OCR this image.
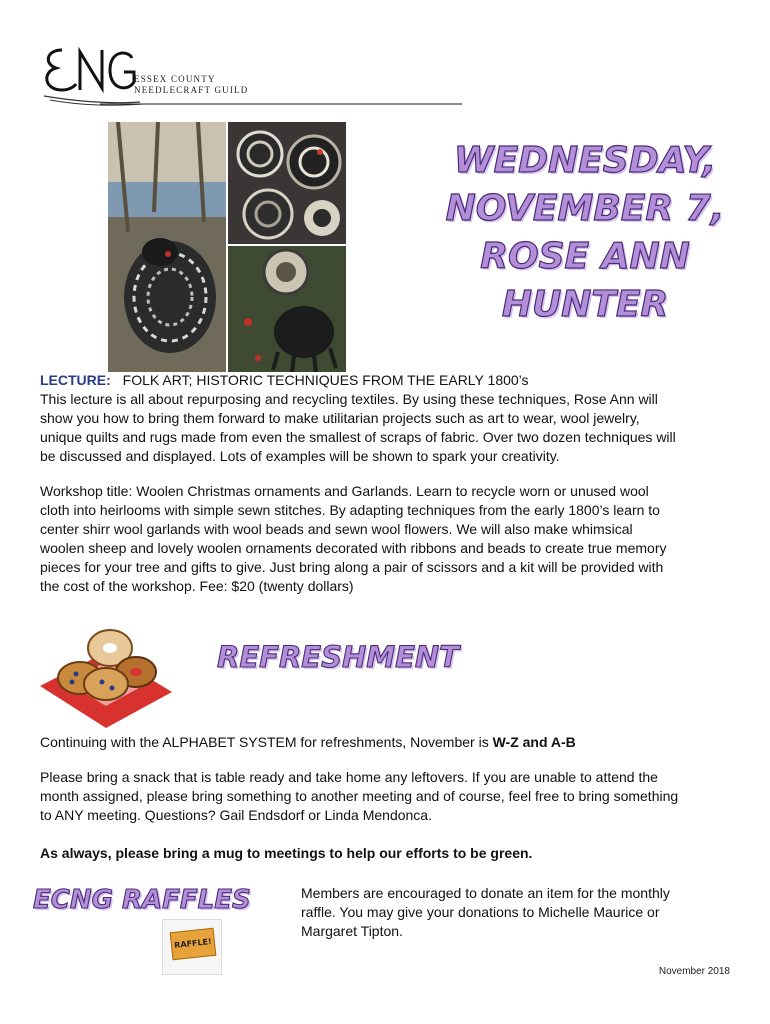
ESSEX COUNTY
NEEDLECRAFT GUILD
WEDNESDAY,
NOVEMBER 7,
ROSE ANN
HUNTER
LECTURE: FOLK ART; HISTORIC TECHNIQUES FROM THE EARLY 1800’s
This lecture is all about repurposing and recycling textiles. By using these techniques, Rose Ann will
show you how to bring them forward to make utilitarian projects such as art to wear, wool jewelry,
unique quilts and rugs made from even the smallest of scraps of fabric. Over two dozen techniques will
be discussed and displayed. Lots of examples will be shown to spark your creativity.
Workshop title: Woolen Christmas ornaments and Garlands. Learn to recycle worn or unused wool
cloth into heirlooms with simple sewn stitches. By adapting techniques from the early 1800’s learn to
center shirr wool garlands with wool beads and sewn wool flowers. We will also make whimsical
woolen sheep and lovely woolen ornaments decorated with ribbons and beads to create true memory
pieces for your tree and gifts to give. Just bring along a pair of scissors and a kit will be provided with
the cost of the workshop. Fee: $20 (twenty dollars)
REFRESHMENT
Continuing with the ALPHABET SYSTEM for refreshments, November is W-Z and A-B
Please bring a snack that is table ready and take home any leftovers. If you are unable to attend the
month assigned, please bring something to another meeting and of course, feel free to bring something
to ANY meeting. Questions? Gail Endsdorf or Linda Mendonca.
As always, please bring a mug to meetings to help our efforts to be green.
ECNG RAFFLES
RAFFLE!
Members are encouraged to donate an item for the monthly
raffle. You may give your donations to Michelle Maurice or
Margaret Tipton.
November 2018
